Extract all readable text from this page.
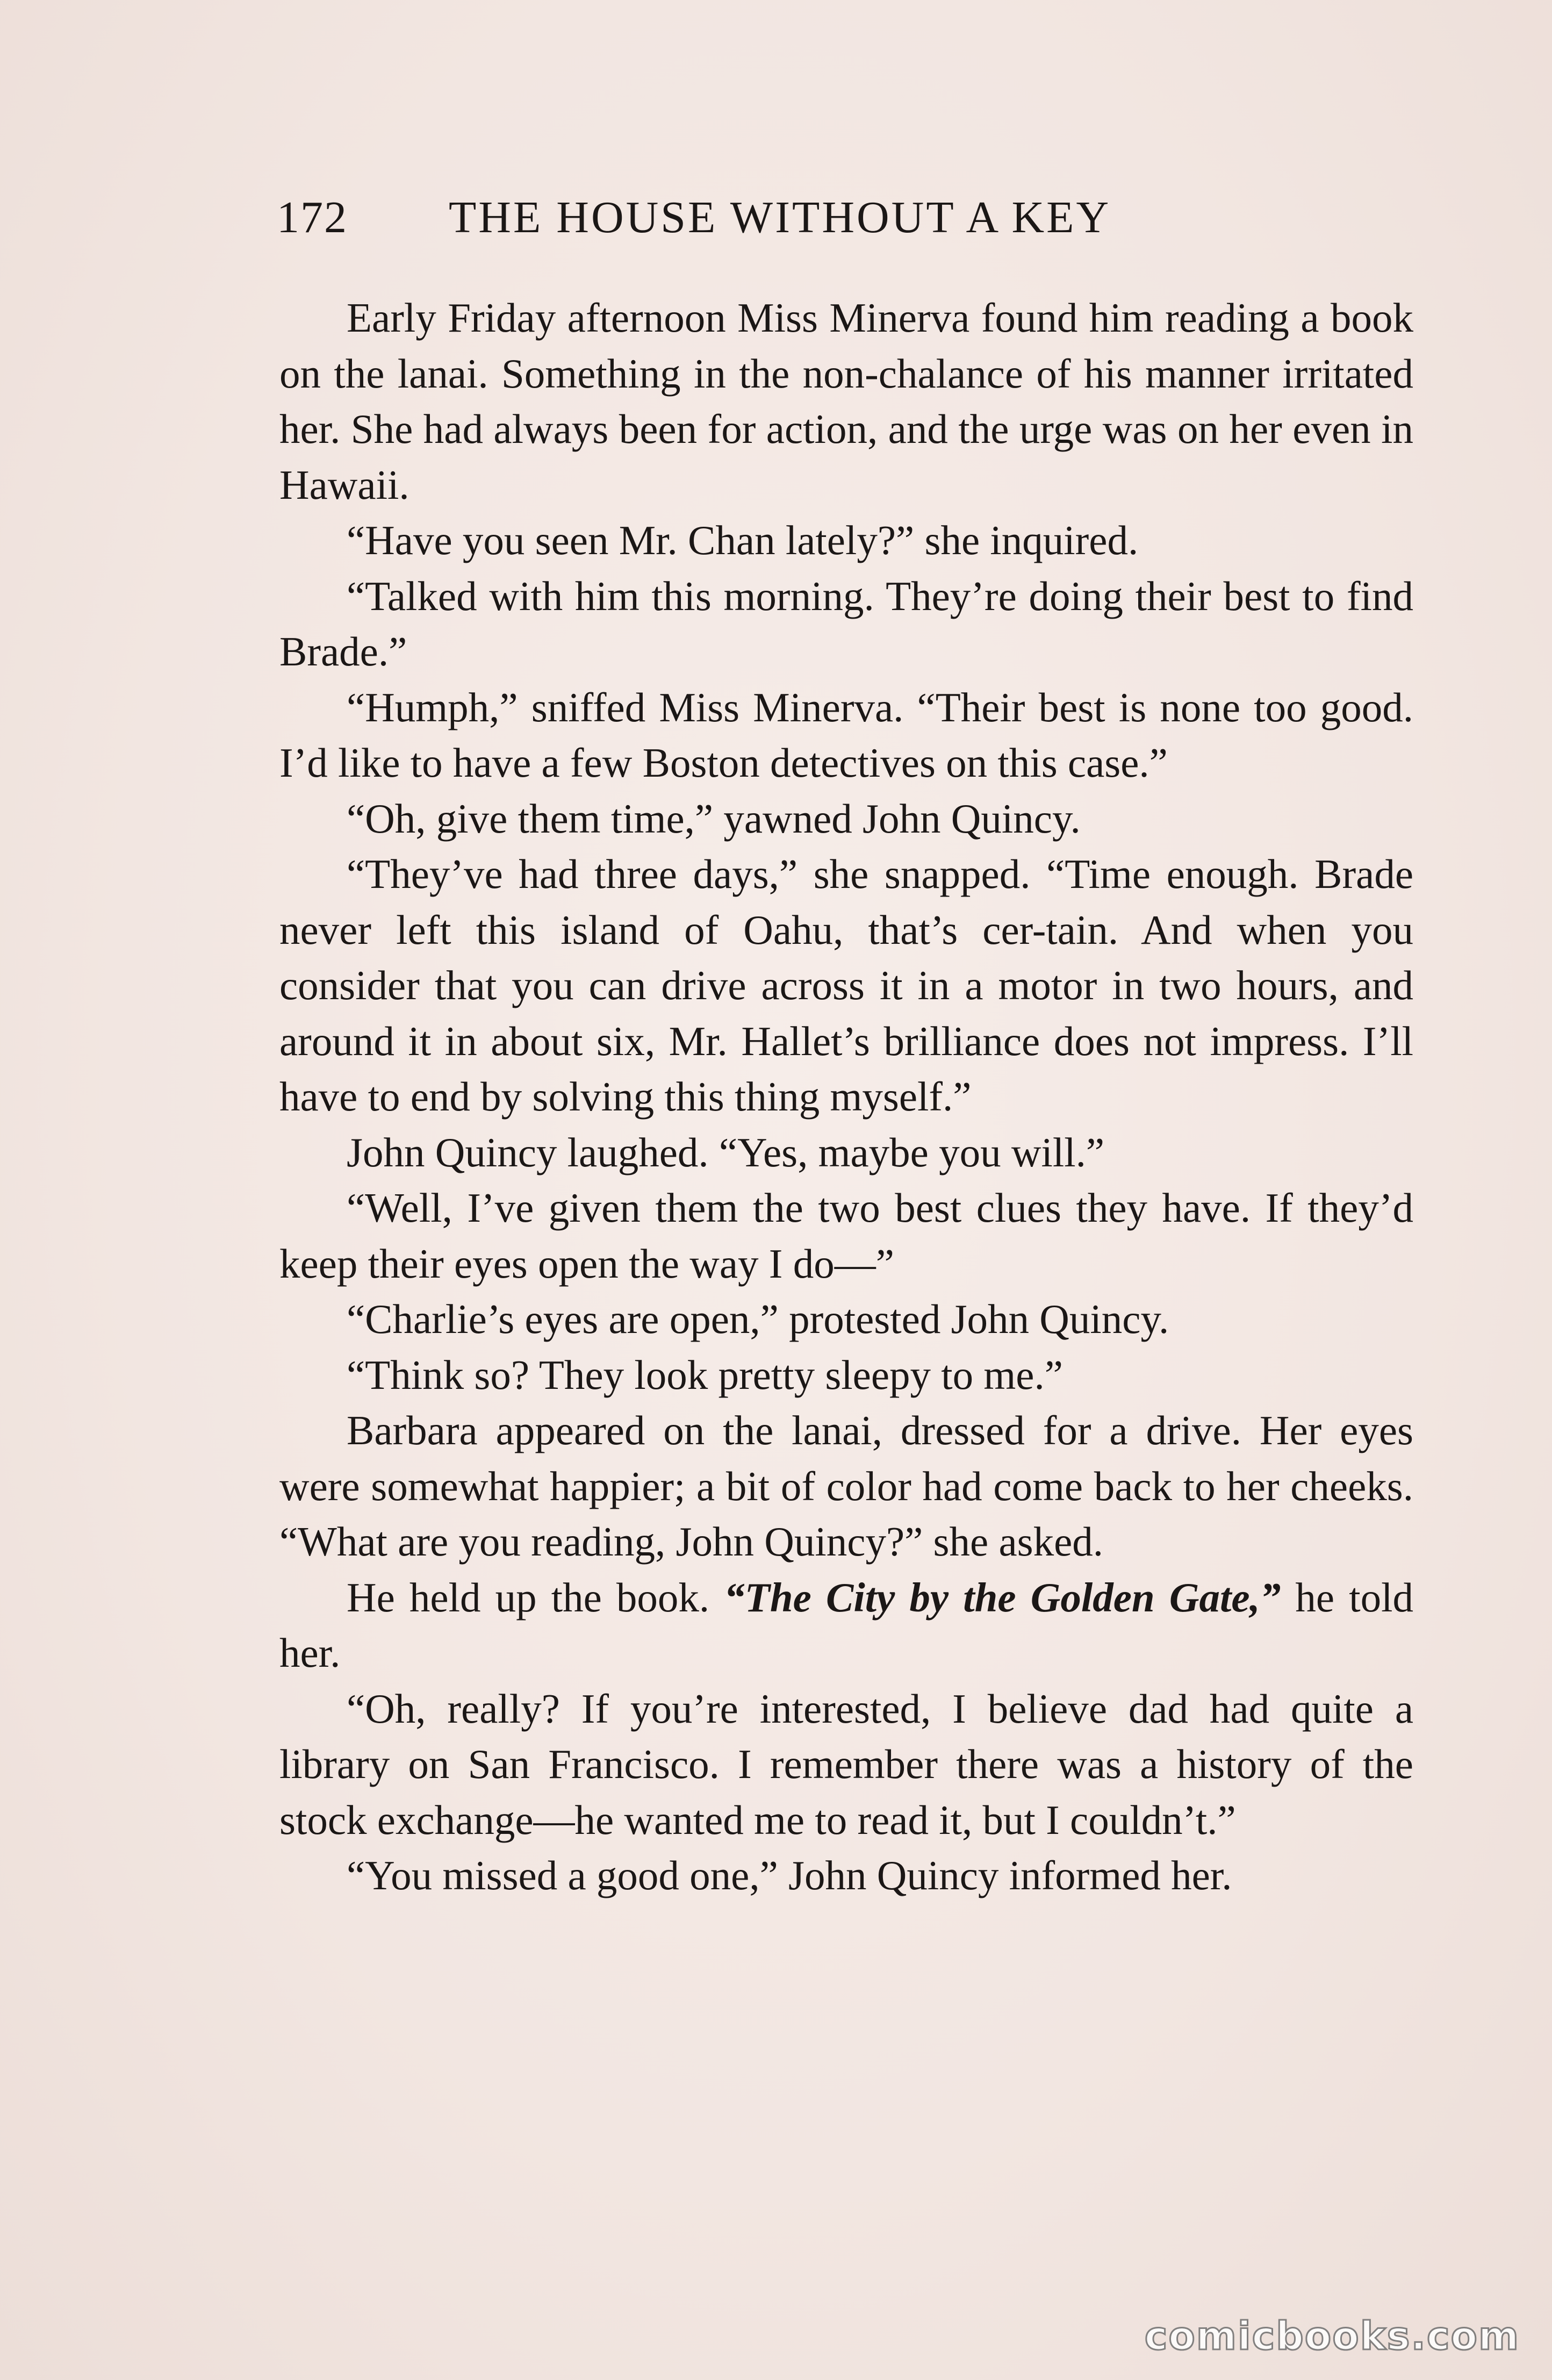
172 THE HOUSE WITHOUT A KEY

Early Friday afternoon Miss Minerva found him reading a book on the lanai. Something in the non-chalance of his manner irritated her. She had always been for action, and the urge was on her even in Hawaii.

“Have you seen Mr. Chan lately?” she inquired.

“Talked with him this morning. They’re doing their best to find Brade.”

“Humph,” sniffed Miss Minerva. “Their best is none too good. I’d like to have a few Boston detectives on this case.”

“Oh, give them time,” yawned John Quincy.

“They’ve had three days,” she snapped. “Time enough. Brade never left this island of Oahu, that’s cer-tain. And when you consider that you can drive across it in a motor in two hours, and around it in about six, Mr. Hallet’s brilliance does not impress. I’ll have to end by solving this thing myself.”

John Quincy laughed. “Yes, maybe you will.”

“Well, I’ve given them the two best clues they have. If they’d keep their eyes open the way I do—”

“Charlie’s eyes are open,” protested John Quincy.

“Think so? They look pretty sleepy to me.”

Barbara appeared on the lanai, dressed for a drive. Her eyes were somewhat happier; a bit of color had come back to her cheeks. “What are you reading, John Quincy?” she asked.

He held up the book. “The City by the Golden Gate,” he told her.

“Oh, really? If you’re interested, I believe dad had quite a library on San Francisco. I remember there was a history of the stock exchange—he wanted me to read it, but I couldn’t.”

“You missed a good one,” John Quincy informed her.

comicbooks.com
